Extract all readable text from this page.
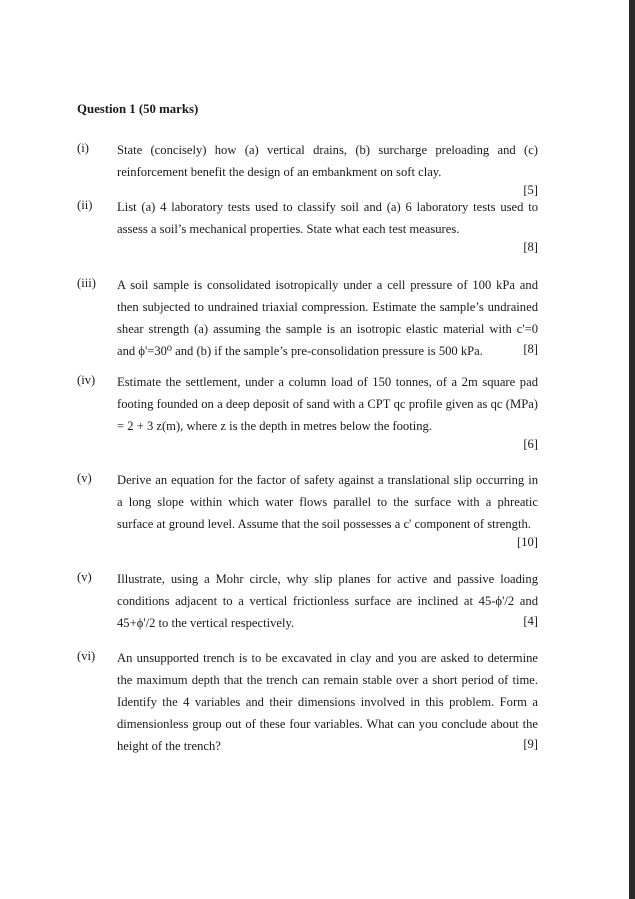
Question 1 (50 marks)
(i) State (concisely) how (a) vertical drains, (b) surcharge preloading and (c)
reinforcement benefit the design of an embankment on soft clay.
[5]
(ii) List (a) 4 laboratory tests used to classify soil and (a) 6 laboratory tests used to
assess a soil’s mechanical properties. State what each test measures.
[8]
(iii) A soil sample is consolidated isotropically under a cell pressure of 100 kPa and
then subjected to undrained triaxial compression. Estimate the sample’s undrained
shear strength (a) assuming the sample is an isotropic elastic material with c'=0
and ϕ'=30⁰ and (b) if the sample’s pre-consolidation pressure is 500 kPa.	[8]
(iv) Estimate the settlement, under a column load of 150 tonnes, of a 2m square pad
footing founded on a deep deposit of sand with a CPT qc profile given as qc (MPa)
= 2 + 3 z(m), where z is the depth in metres below the footing.
[6]
(v) Derive an equation for the factor of safety against a translational slip occurring in
a long slope within which water flows parallel to the surface with a phreatic
surface at ground level. Assume that the soil possesses a c' component of strength.
[10]
(v) Illustrate, using a Mohr circle, why slip planes for active and passive loading
conditions adjacent to a vertical frictionless surface are inclined at 45-ϕ'/2 and
45+ϕ'/2 to the vertical respectively.	[4]
(vi) An unsupported trench is to be excavated in clay and you are asked to determine
the maximum depth that the trench can remain stable over a short period of time.
Identify the 4 variables and their dimensions involved in this problem. Form a
dimensionless group out of these four variables. What can you conclude about the
height of the trench?	[9]
